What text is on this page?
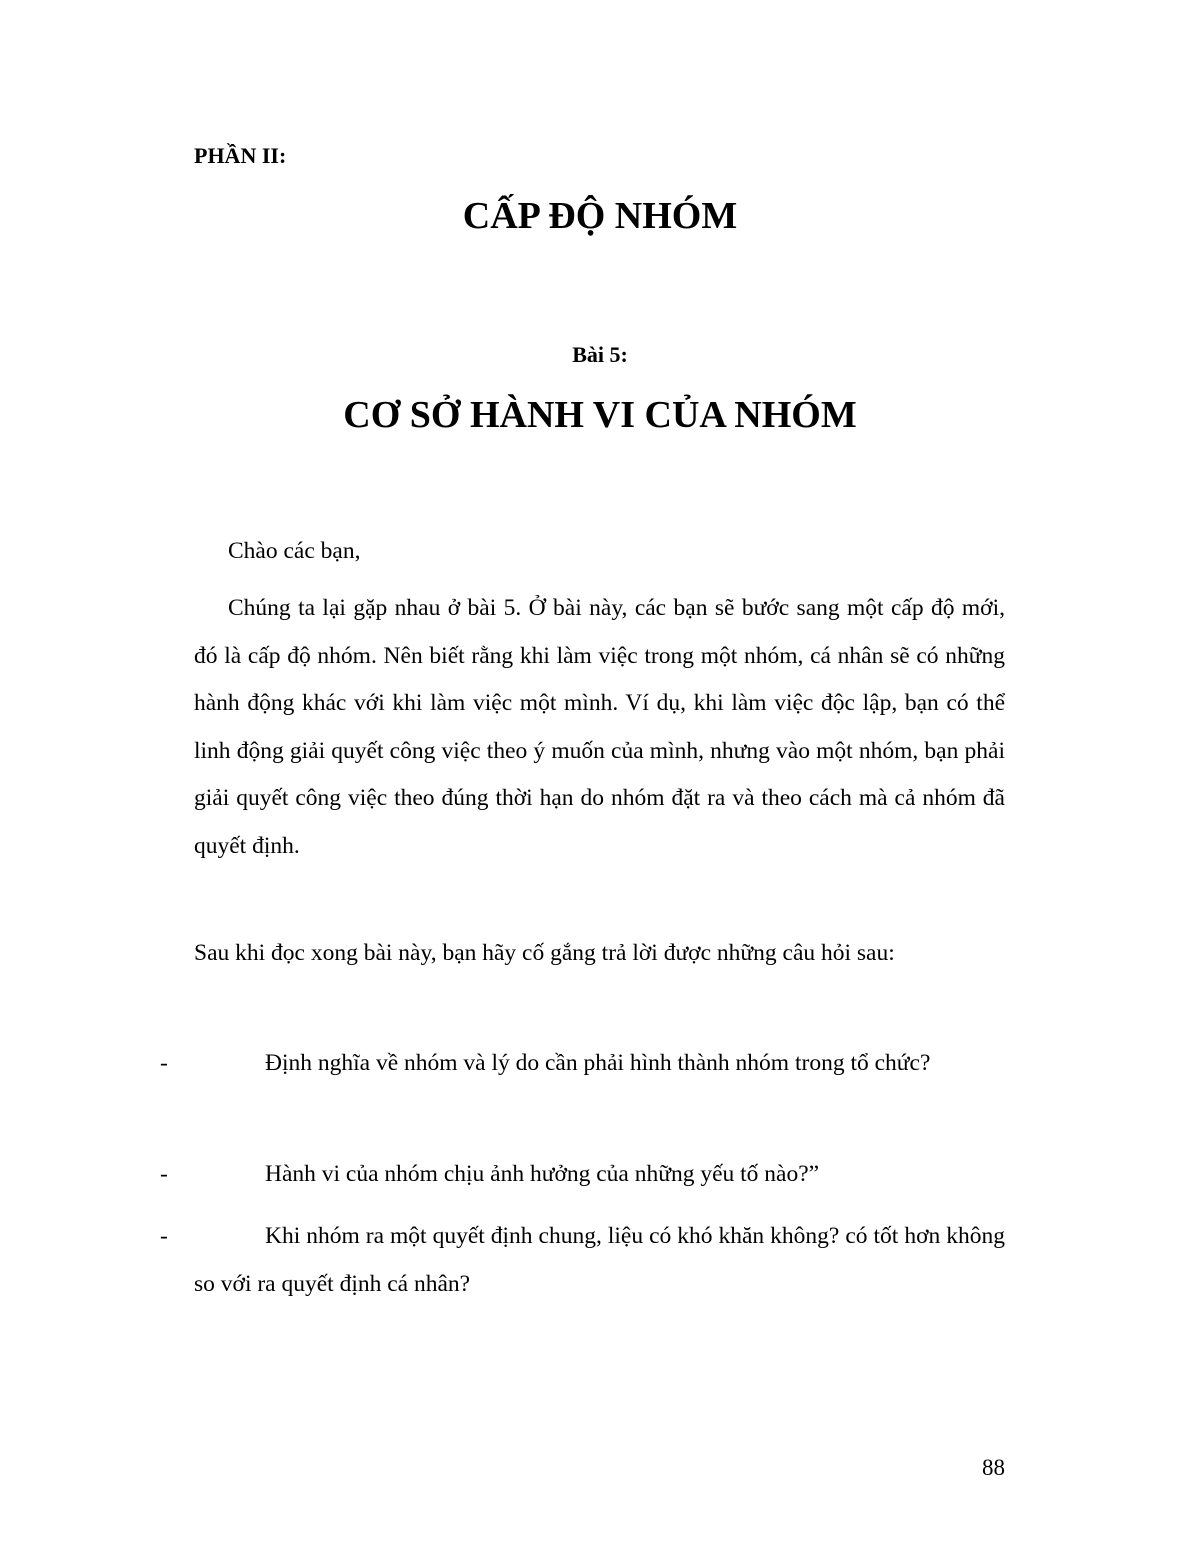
PHẦN II:

CẤP ĐỘ NHÓM

Bài 5:

CƠ SỞ HÀNH VI CỦA NHÓM

Chào các bạn,

Chúng ta lại gặp nhau ở bài 5. Ở bài này, các bạn sẽ bước sang một cấp độ mới, đó là cấp độ nhóm. Nên biết rằng khi làm việc trong một nhóm, cá nhân sẽ có những hành động khác với khi làm việc một mình. Ví dụ, khi làm việc độc lập, bạn có thể linh động giải quyết công việc theo ý muốn của mình, nhưng vào một nhóm, bạn phải giải quyết công việc theo đúng thời hạn do nhóm đặt ra và theo cách mà cả nhóm đã quyết định.

Sau khi đọc xong bài này, bạn hãy cố gắng trả lời được những câu hỏi sau:

-	Định nghĩa về nhóm và lý do cần phải hình thành nhóm trong tổ chức?

-	Hành vi của nhóm chịu ảnh hưởng của những yếu tố nào?”

-	Khi nhóm ra một quyết định chung, liệu có khó khăn không? có tốt hơn không so với ra quyết định cá nhân?

88
